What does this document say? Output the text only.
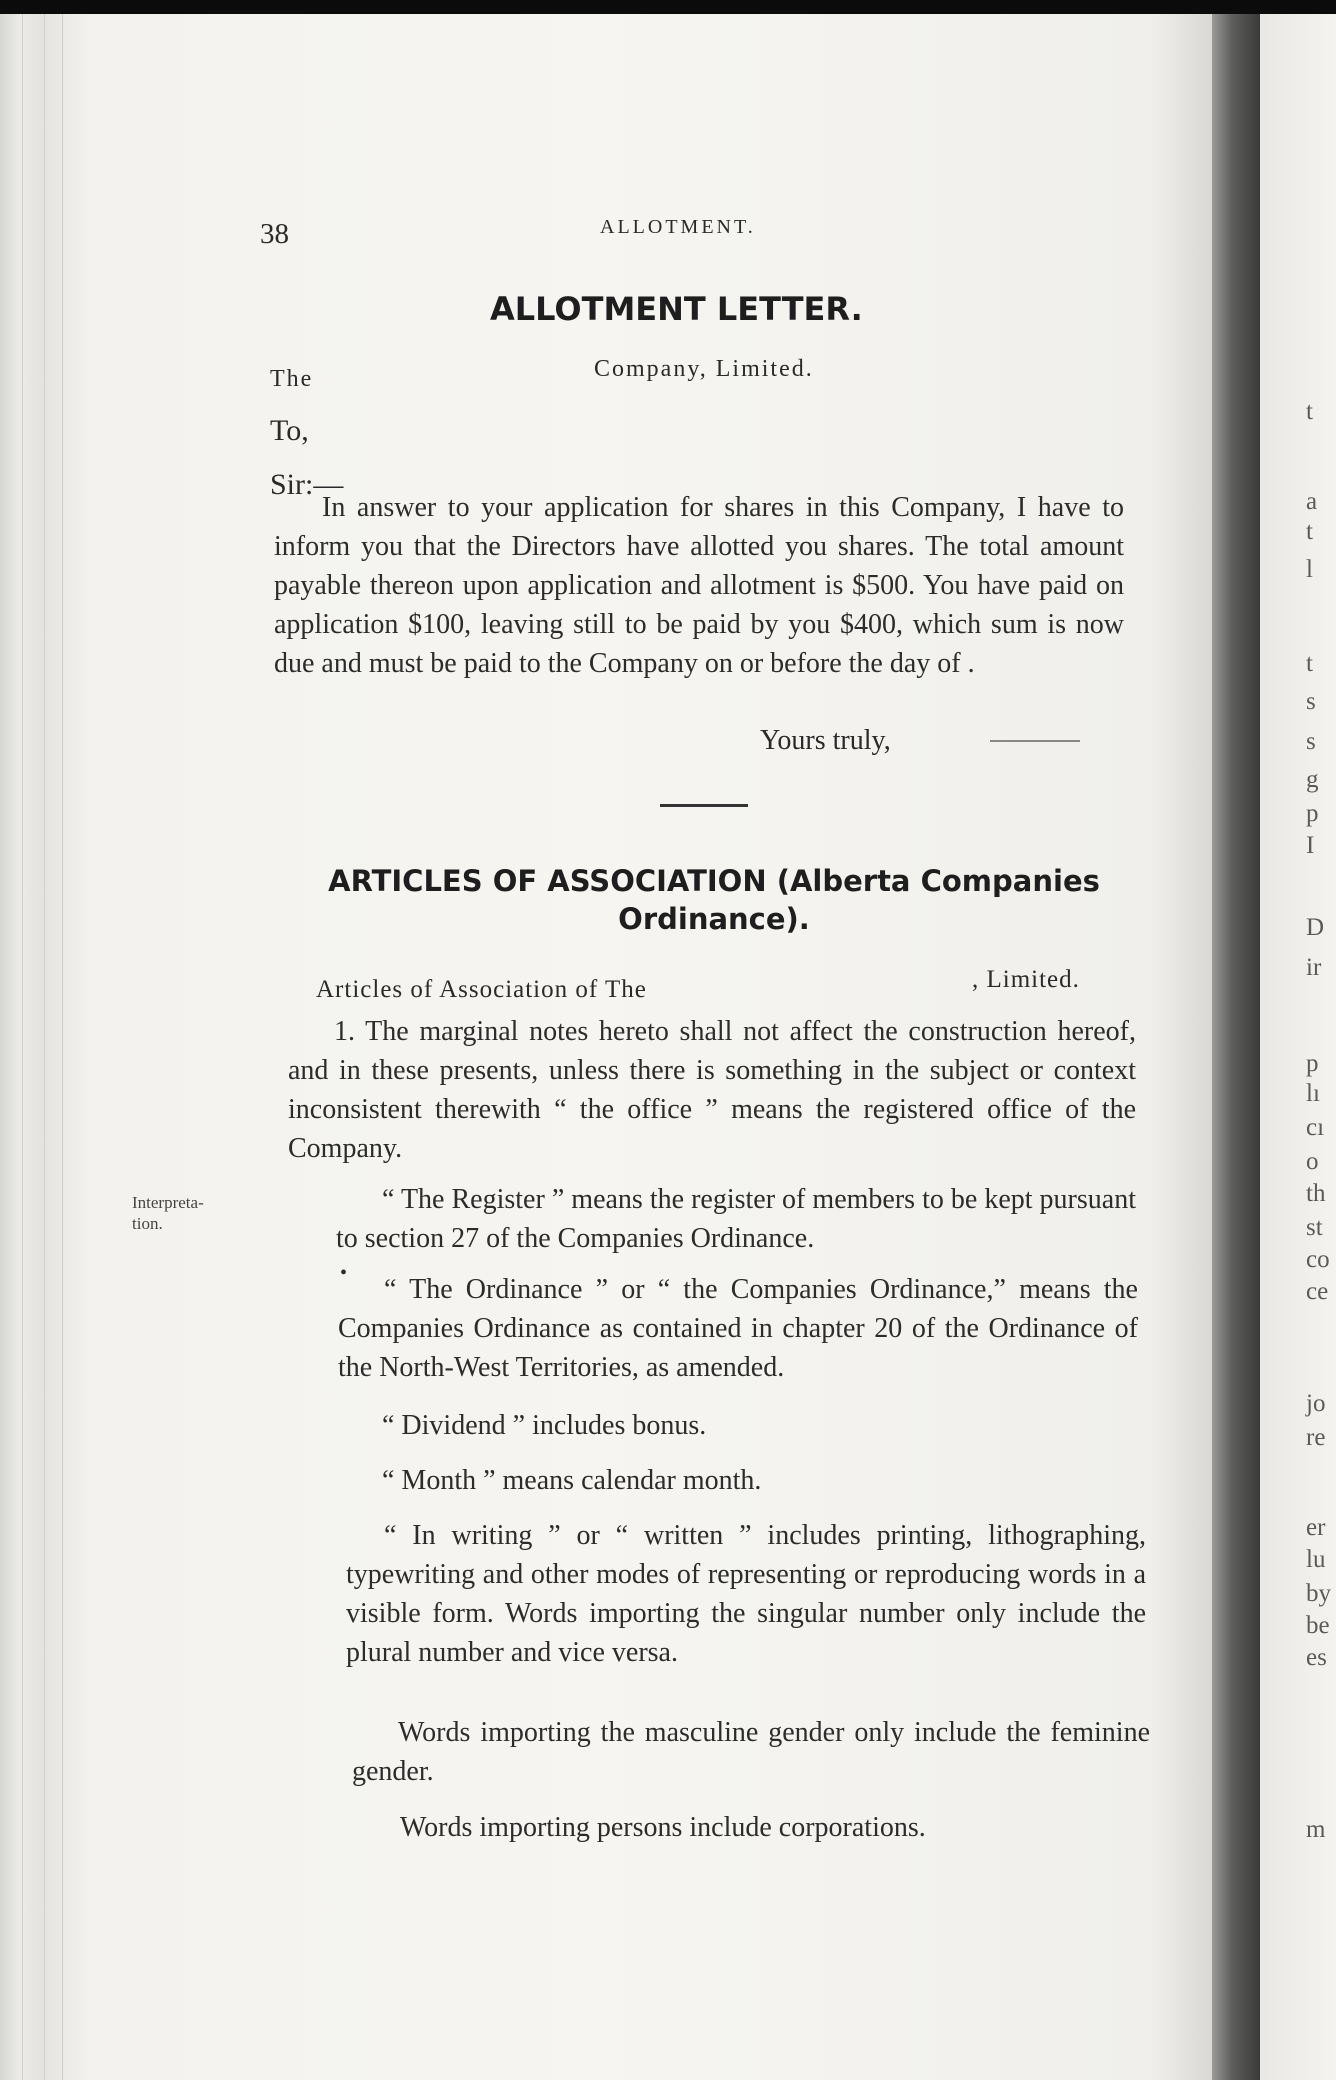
t
a
t
l
t
s
s
g
p
I
D
ir
p
lı
cı
o
th
st
co
ce
jo
re
er
lu
by
be
es
m
38	ALLOTMENT.
ALLOTMENT LETTER.
The	Company, Limited.
To,
Sir:—

In answer to your application for shares in this Company, I have to inform you that the Directors have allotted you shares. The total amount payable thereon upon application and allotment is $500. You have paid on application $100, leaving still to be paid by you $400, which sum is now due and must be paid to the Company on or before the day of .

Yours truly,
ARTICLES OF ASSOCIATION (Alberta Companies Ordinance).
Articles of Association of The	, Limited.

1. The marginal notes hereto shall not affect the construction hereof, and in these presents, unless there is something in the subject or context inconsistent therewith “ the office ” means the registered office of the Company.

Interpreta-
tion.

“ The Register ” means the register of members to be kept pursuant to section 27 of the Companies Ordinance.

•

“ The Ordinance ” or “ the Companies Ordinance,” means the Companies Ordinance as contained in chapter 20 of the Ordinance of the North-West Territories, as amended.

“ Dividend ” includes bonus.

“ Month ” means calendar month.

“ In writing ” or “ written ” includes printing, lithographing, typewriting and other modes of representing or reproducing words in a visible form. Words importing the singular number only include the plural number and vice versa.

Words importing the masculine gender only include the feminine gender.

Words importing persons include corporations.
